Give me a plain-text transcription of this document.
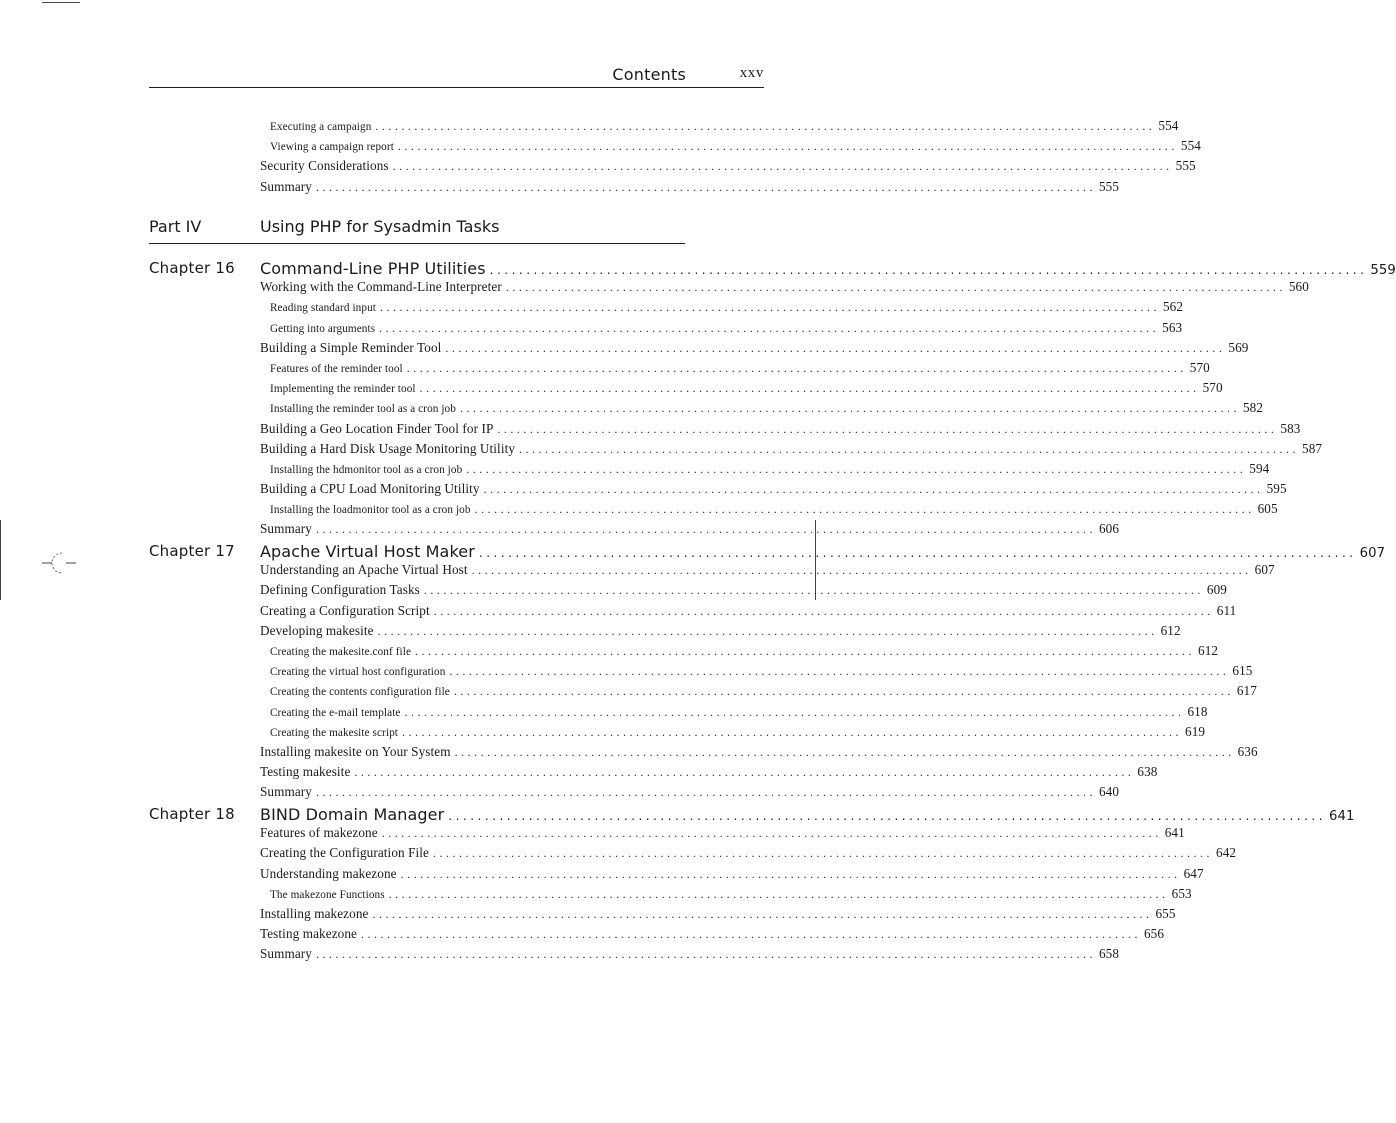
Contents	xxv
Executing a campaign ........................................................................................................................ 554
Viewing a campaign report ........................................................................................................................ 554
Security Considerations ........................................................................................................................ 555
Summary ........................................................................................................................ 555
Part IV	Using PHP for Sysadmin Tasks
Chapter 16 Command-Line PHP Utilities ........................................................................................................................ 559
Working with the Command-Line Interpreter ........................................................................................................................ 560
Reading standard input ........................................................................................................................ 562
Getting into arguments ........................................................................................................................ 563
Building a Simple Reminder Tool ........................................................................................................................ 569
Features of the reminder tool ........................................................................................................................ 570
Implementing the reminder tool ........................................................................................................................ 570
Installing the reminder tool as a cron job ........................................................................................................................ 582
Building a Geo Location Finder Tool for IP ........................................................................................................................ 583
Building a Hard Disk Usage Monitoring Utility ........................................................................................................................ 587
Installing the hdmonitor tool as a cron job ........................................................................................................................ 594
Building a CPU Load Monitoring Utility ........................................................................................................................ 595
Installing the loadmonitor tool as a cron job ........................................................................................................................ 605
Summary ........................................................................................................................ 606
Chapter 17 Apache Virtual Host Maker ........................................................................................................................ 607
Understanding an Apache Virtual Host ........................................................................................................................ 607
Defining Configuration Tasks ........................................................................................................................ 609
Creating a Configuration Script ........................................................................................................................ 611
Developing makesite ........................................................................................................................ 612
Creating the makesite.conf file ........................................................................................................................ 612
Creating the virtual host configuration ........................................................................................................................ 615
Creating the contents configuration file ........................................................................................................................ 617
Creating the e-mail template ........................................................................................................................ 618
Creating the makesite script ........................................................................................................................ 619
Installing makesite on Your System ........................................................................................................................ 636
Testing makesite ........................................................................................................................ 638
Summary ........................................................................................................................ 640
Chapter 18 BIND Domain Manager ........................................................................................................................ 641
Features of makezone ........................................................................................................................ 641
Creating the Configuration File ........................................................................................................................ 642
Understanding makezone ........................................................................................................................ 647
The makezone Functions ........................................................................................................................ 653
Installing makezone ........................................................................................................................ 655
Testing makezone ........................................................................................................................ 656
Summary ........................................................................................................................ 658
